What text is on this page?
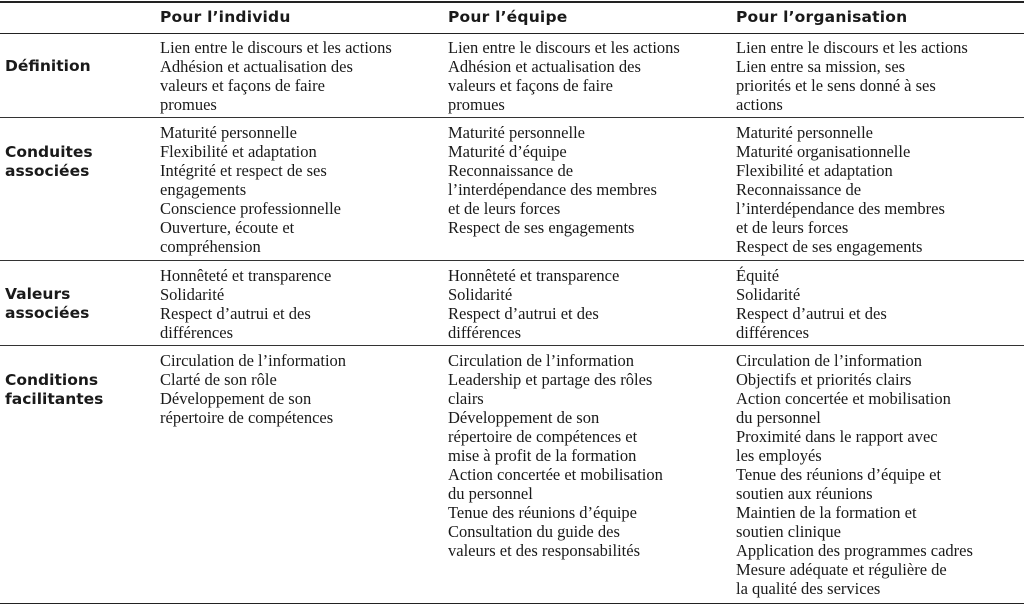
Pour l’individu	Pour l’équipe	Pour l’organisation
Définition
Lien entre le discours et les actions
Adhésion et actualisation des
valeurs et façons de faire
promues
Lien entre le discours et les actions
Adhésion et actualisation des
valeurs et façons de faire
promues
Lien entre le discours et les actions
Lien entre sa mission, ses
priorités et le sens donné à ses
actions
Conduites
associées
Maturité personnelle
Flexibilité et adaptation
Intégrité et respect de ses
engagements
Conscience professionnelle
Ouverture, écoute et
compréhension
Maturité personnelle
Maturité d’équipe
Reconnaissance de
l’interdépendance des membres
et de leurs forces
Respect de ses engagements
Maturité personnelle
Maturité organisationnelle
Flexibilité et adaptation
Reconnaissance de
l’interdépendance des membres
et de leurs forces
Respect de ses engagements
Valeurs
associées
Honnêteté et transparence
Solidarité
Respect d’autrui et des
différences
Honnêteté et transparence
Solidarité
Respect d’autrui et des
différences
Équité
Solidarité
Respect d’autrui et des
différences
Conditions
facilitantes
Circulation de l’information
Clarté de son rôle
Développement de son
répertoire de compétences
Circulation de l’information
Leadership et partage des rôles
clairs
Développement de son
répertoire de compétences et
mise à profit de la formation
Action concertée et mobilisation
du personnel
Tenue des réunions d’équipe
Consultation du guide des
valeurs et des responsabilités
Circulation de l’information
Objectifs et priorités clairs
Action concertée et mobilisation
du personnel
Proximité dans le rapport avec
les employés
Tenue des réunions d’équipe et
soutien aux réunions
Maintien de la formation et
soutien clinique
Application des programmes cadres
Mesure adéquate et régulière de
la qualité des services
